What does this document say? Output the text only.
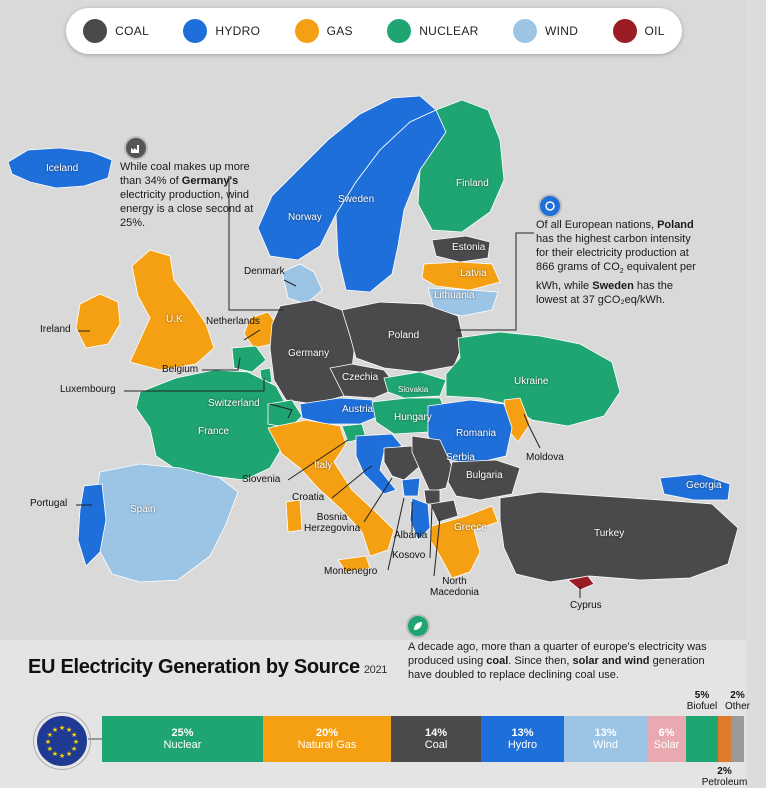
COAL	HYDRO	GAS	NUCLEAR	WIND	OIL
Iceland
Norway
Sweden
Finland
Estonia
Latvia
Lithuania
Denmark
Ireland
U.K. Netherlands
Belgium
Luxembourg
Germany
Poland
Czechia
Slovakia
Ukraine
Moldova
Austria
Hungary
Switzerland
Romania
France
Slovenia
Croatia
Bosnia
Herzegovina
Serbia
Bulgaria
Montenegro
Albania
Kosovo
North
Macedonia
Greece
Turkey
Georgia
Italy
Spain
Portugal
Cyprus
While coal makes up more than 34% of Germany's electricity production, wind energy is a close second at 25%.	Of all European nations, Poland has the highest carbon intensity for their electricity production at 866 grams of $CO_2$ equivalent per kWh, while Sweden has the lowest at 37 gCO₂eq/kWh.
A decade ago, more than a quarter of europe's electricity was produced using coal. Since then, solar and wind generation have doubled to replace declining coal use.
EU Electricity Generation by Source 2021
★
★
★
★
★
★
★
★
★ ★ ★
★	25%
Nuclear
20%
Natural Gas
14%
Coal
13%
Hydro
13%
Wind
6%
Solar
5%
Biofuel
2%
Petroleum
2%
Other
